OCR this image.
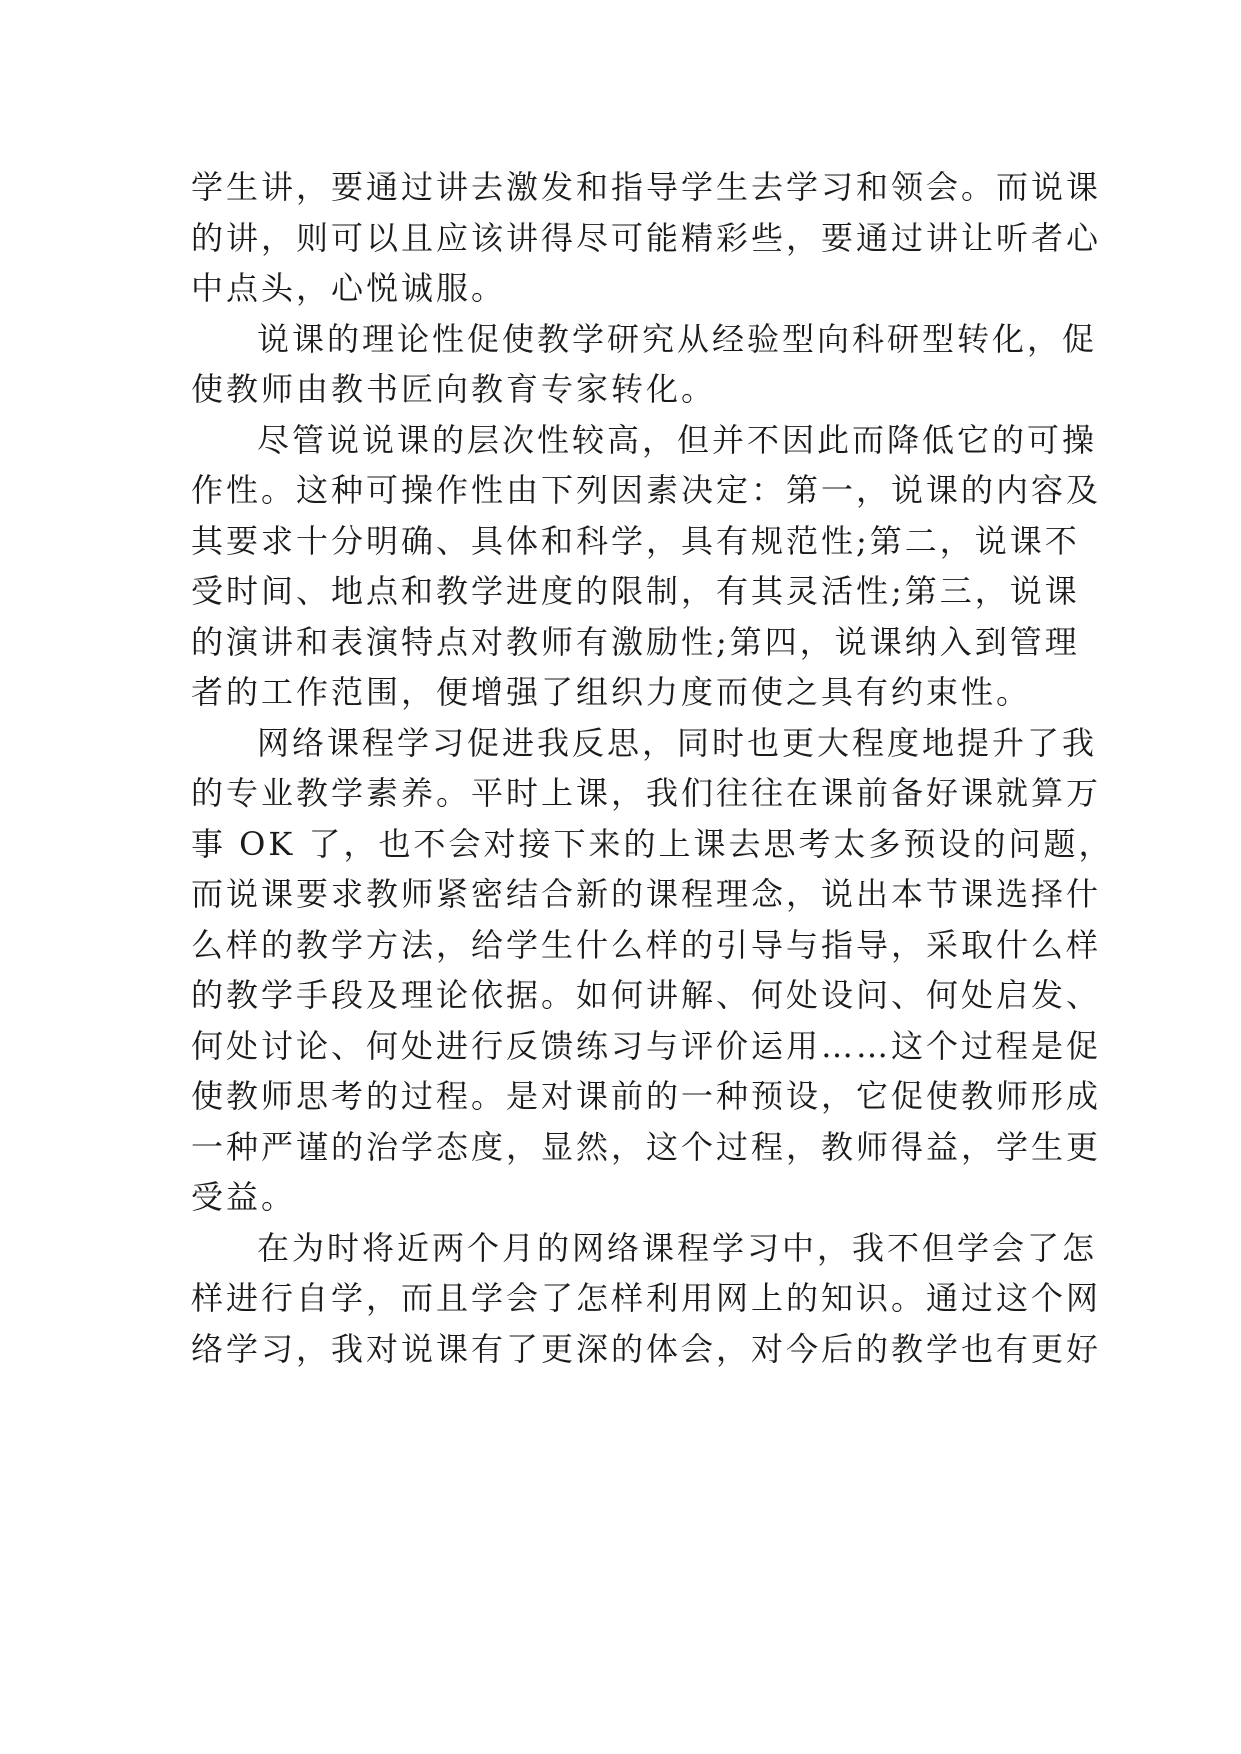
学生讲，要通过讲去激发和指导学生去学习和领会。而说课
的讲，则可以且应该讲得尽可能精彩些，要通过讲让听者心
中点头，心悦诚服。
说课的理论性促使教学研究从经验型向科研型转化，促
使教师由教书匠向教育专家转化。
尽管说说课的层次性较高，但并不因此而降低它的可操
作性。这种可操作性由下列因素决定：第一，说课的内容及
其要求十分明确、具体和科学，具有规范性;第二，说课不
受时间、地点和教学进度的限制，有其灵活性;第三，说课
的演讲和表演特点对教师有激励性;第四，说课纳入到管理
者的工作范围，便增强了组织力度而使之具有约束性。
网络课程学习促进我反思，同时也更大程度地提升了我
的专业教学素养。平时上课，我们往往在课前备好课就算万
事 OK 了，也不会对接下来的上课去思考太多预设的问题，
而说课要求教师紧密结合新的课程理念，说出本节课选择什
么样的教学方法，给学生什么样的引导与指导，采取什么样
的教学手段及理论依据。如何讲解、何处设问、何处启发、
何处讨论、何处进行反馈练习与评价运用……这个过程是促
使教师思考的过程。是对课前的一种预设，它促使教师形成
一种严谨的治学态度，显然，这个过程，教师得益，学生更
受益。
在为时将近两个月的网络课程学习中，我不但学会了怎
样进行自学，而且学会了怎样利用网上的知识。通过这个网
络学习，我对说课有了更深的体会，对今后的教学也有更好
